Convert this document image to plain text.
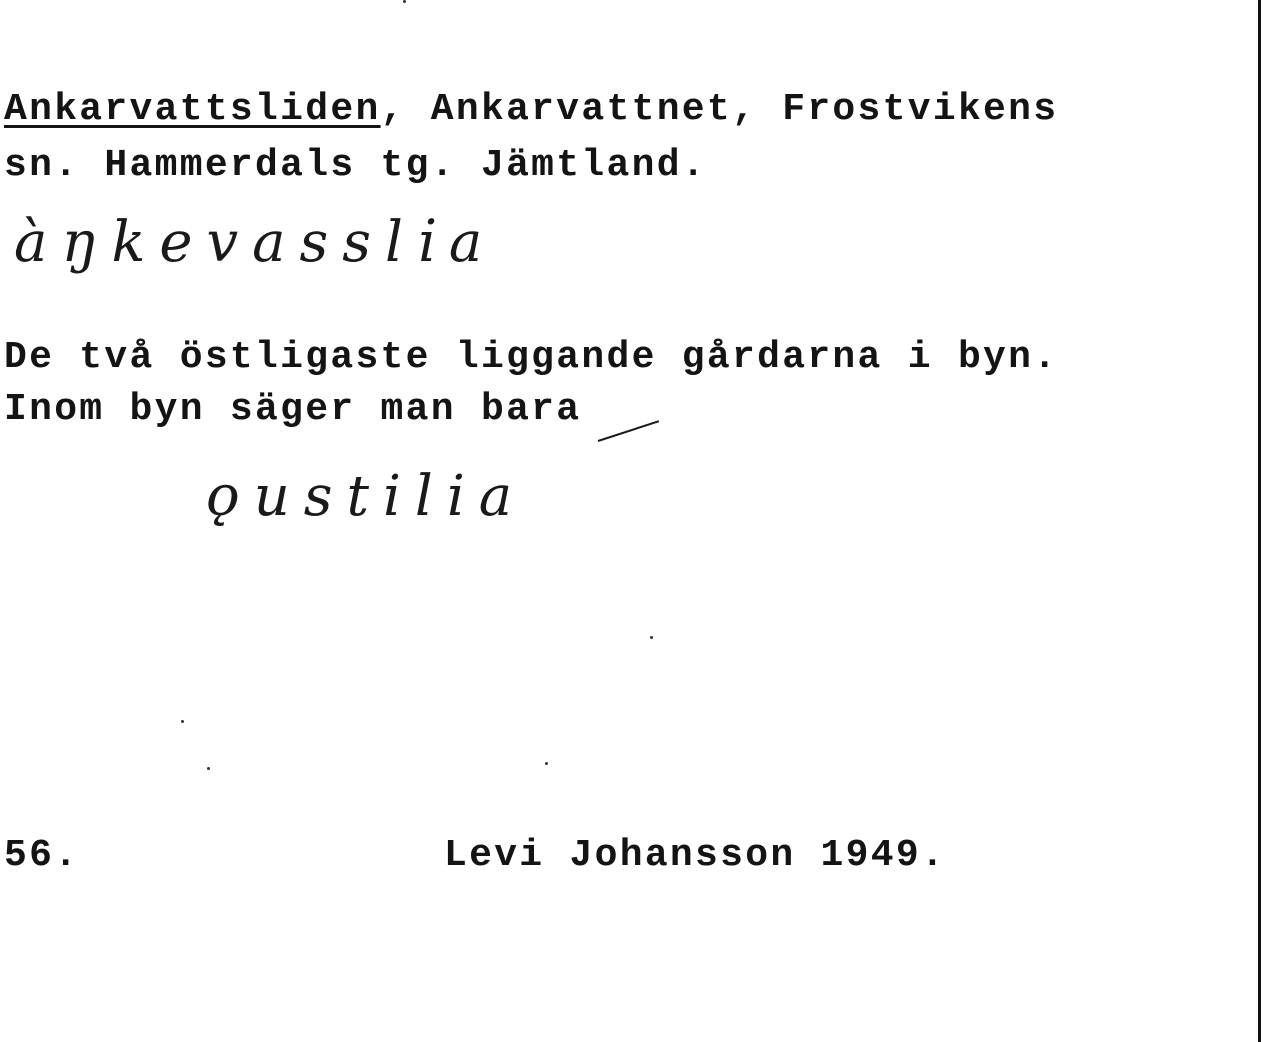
Ankarvattsliden, Ankarvattnet, Frostvikens

sn. Hammerdals tg. Jämtland.

àŋkevassli̇a

De två östligaste liggande gårdarna i byn.

Inom byn säger man bara

ǫustilia

56.	Levi Johansson 1949.
